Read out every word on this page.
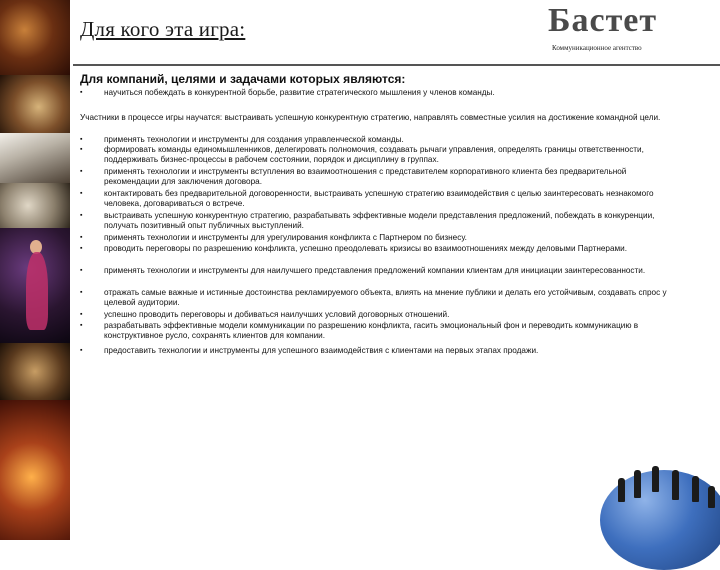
Для кого эта игра:	Бастет
Коммуникационное агентство
Для компаний, целями и задачами которых являются:
▪	научиться побеждать в конкурентной борьбе, развитие стратегического мышления у членов команды.
Участники в процессе игры научатся: выстраивать успешную конкурентную стратегию, направлять совместные усилия на достижение командной цели.
▪	применять технологии и инструменты для создания управленческой команды.
▪	формировать команды единомышленников, делегировать полномочия, создавать рычаги управления, определять границы ответственности, поддерживать бизнес-процессы в рабочем состоянии, порядок и дисциплину в группах.
▪	применять технологии и инструменты вступления во взаимоотношения с представителем корпоративного клиента без предварительной рекомендации для заключения договора.
▪	контактировать без предварительной договоренности, выстраивать успешную стратегию взаимодействия с целью заинтересовать незнакомого человека, договариваться о встрече.
▪	выстраивать успешную конкурентную стратегию, разрабатывать эффективные модели представления предложений, побеждать в конкуренции, получать позитивный опыт публичных выступлений.
▪	применять технологии и инструменты для урегулирования конфликта с Партнером по бизнесу.
▪	проводить переговоры по разрешению конфликта, успешно преодолевать кризисы во взаимоотношениях между деловыми Партнерами.
▪	применять технологии и инструменты для наилучшего представления предложений компании клиентам для инициации заинтересованности.
▪	отражать самые важные и истинные достоинства рекламируемого объекта, влиять на мнение публики и делать его устойчивым, создавать спрос у целевой аудитории.
▪	успешно проводить переговоры и добиваться наилучших условий договорных отношений.
▪	разрабатывать эффективные модели коммуникации по разрешению конфликта, гасить эмоциональный фон и переводить коммуникацию в конструктивное русло, сохранять клиентов для компании.
▪	предоставить технологии и инструменты для успешного взаимодействия с клиентами на первых этапах продажи.
